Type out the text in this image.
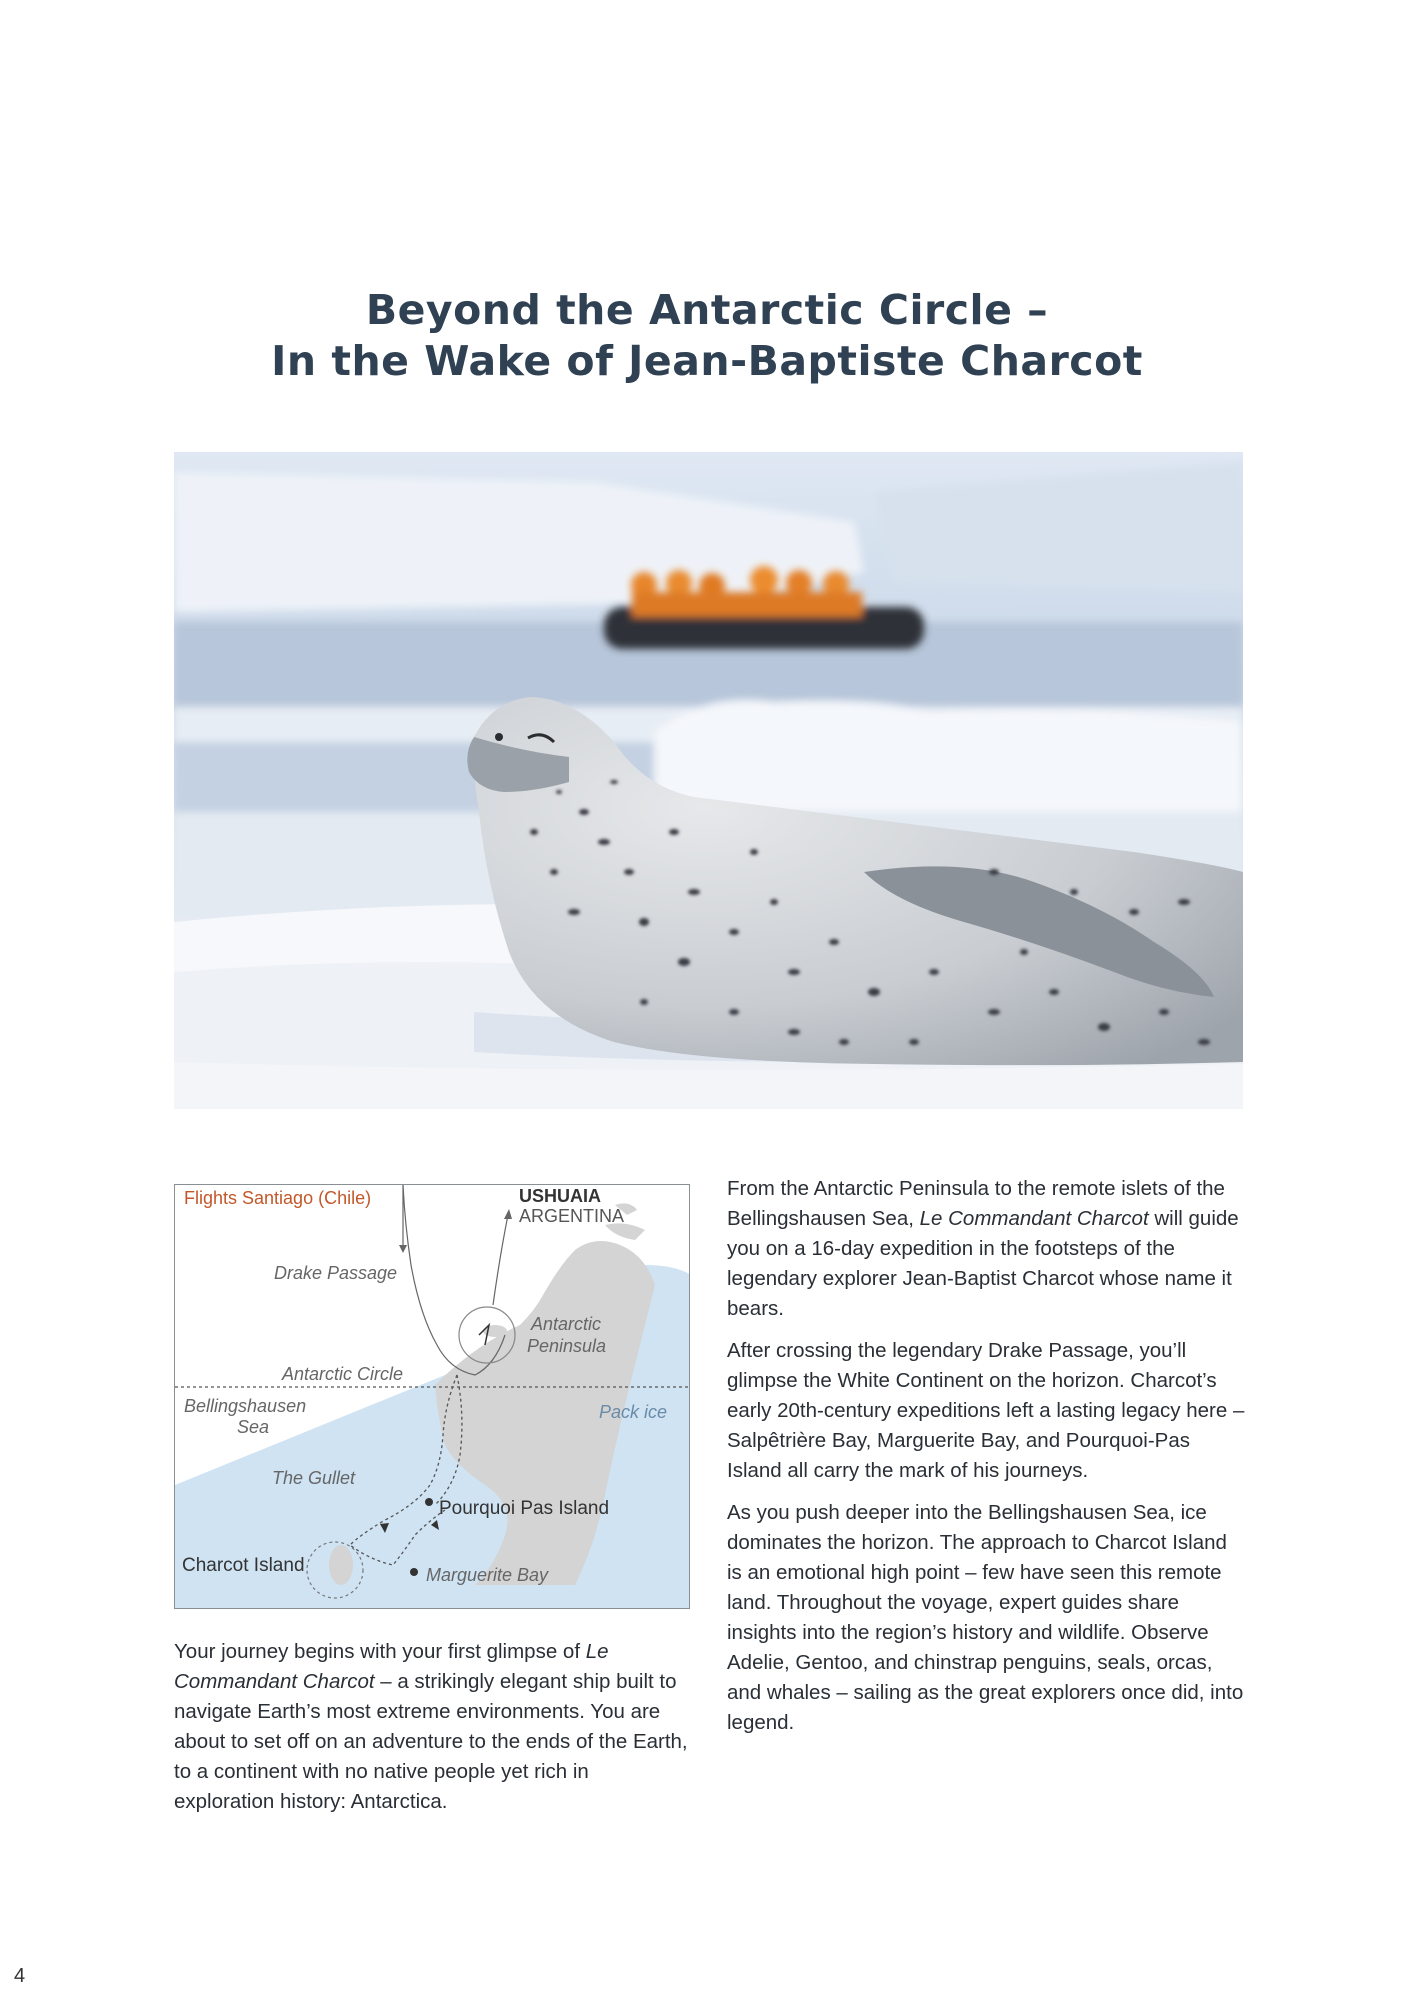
Beyond the Antarctic Circle –
In the Wake of Jean-Baptiste Charcot
Flights Santiago (Chile)	USHUAIA
ARGENTINA
Drake Passage
Antarctic
Peninsula
Antarctic Circle
Bellingshausen
Sea
Pack ice
The Gullet
Pourquoi Pas Island
Charcot Island	Marguerite Bay

Your journey begins with your first glimpse of Le Commandant Charcot – a strikingly elegant ship built to navigate Earth’s most extreme environments. You are about to set off on an adventure to the ends of the Earth, to a continent with no native people yet rich in exploration history: Antarctica.

From the Antarctic Peninsula to the remote islets of the Bellingshausen Sea, Le Commandant Charcot will guide you on a 16-day expedition in the footsteps of the legendary explorer Jean-Baptist Charcot whose name it bears.

After crossing the legendary Drake Passage, you’ll glimpse the White Continent on the horizon. Charcot’s early 20th-century expeditions left a lasting legacy here – Salpêtrière Bay, Marguerite Bay, and Pourquoi-Pas Island all carry the mark of his journeys.

As you push deeper into the Bellingshausen Sea, ice dominates the horizon. The approach to Charcot Island is an emotional high point – few have seen this remote land. Throughout the voyage, expert guides share insights into the region’s history and wildlife. Observe Adelie, Gentoo, and chinstrap penguins, seals, orcas, and whales – sailing as the great explorers once did, into legend.

4
